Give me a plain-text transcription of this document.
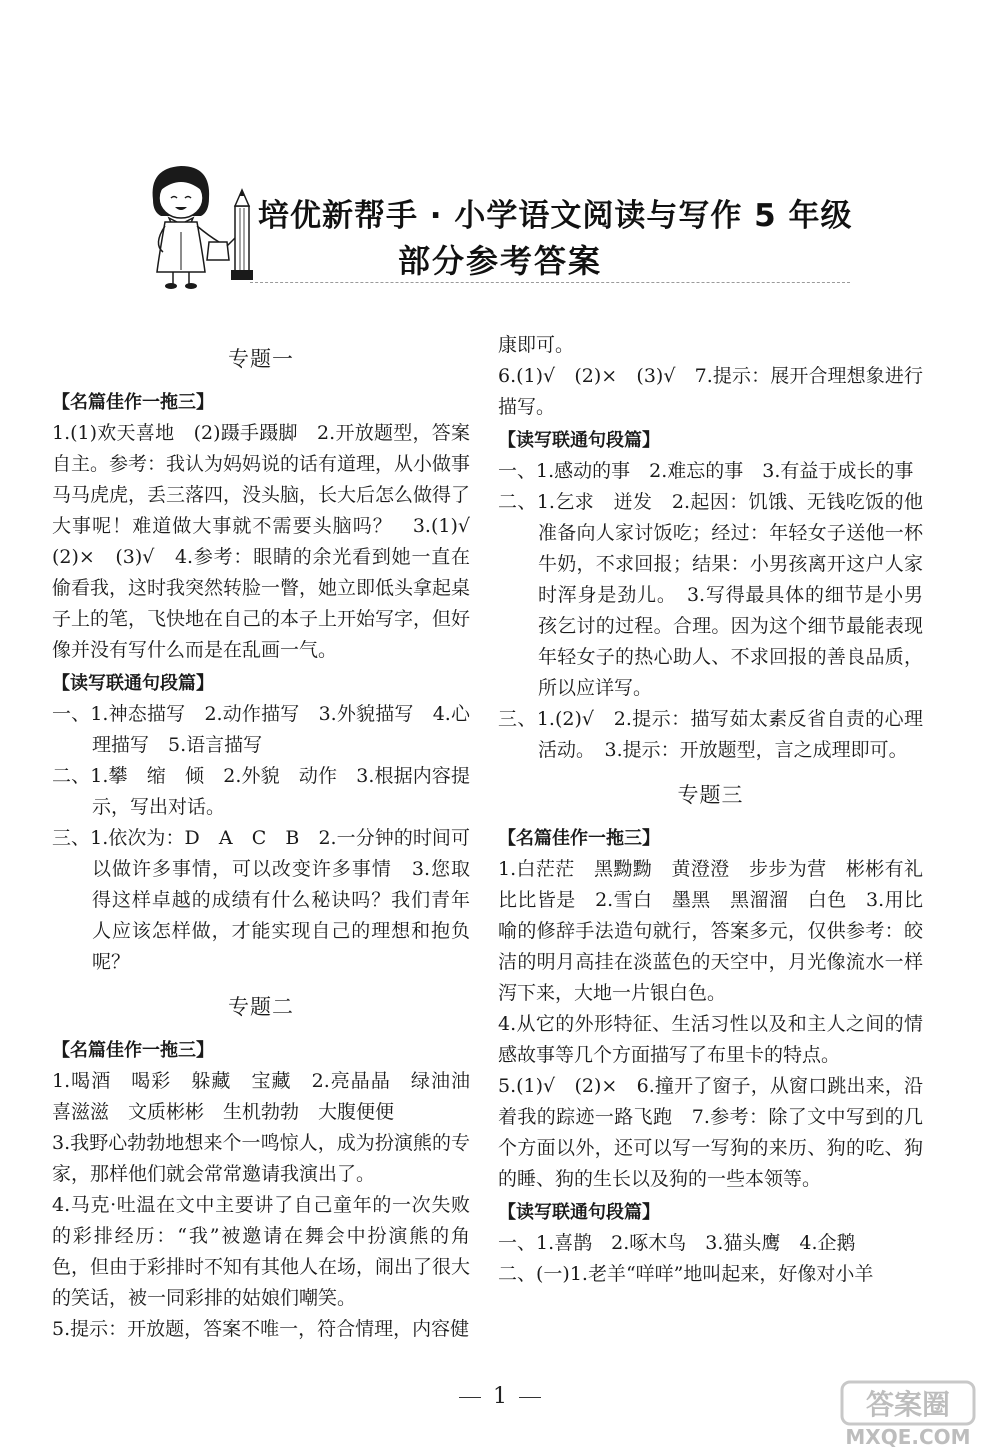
培优新帮手 · 小学语文阅读与写作 5 年级
部分参考答案
专题一
【名篇佳作一拖三】
1.(1)欢天喜地　(2)蹑手蹑脚　2.开放题型，答案自主。参考：我认为妈妈说的话有道理，从小做事马马虎虎，丢三落四，没头脑，长大后怎么做得了大事呢！难道做大事就不需要头脑吗？　3.(1)√　(2)×　(3)√　4.参考：眼睛的余光看到她一直在偷看我，这时我突然转脸一瞥，她立即低头拿起桌子上的笔，飞快地在自己的本子上开始写字，但好像并没有写什么而是在乱画一气。
【读写联通句段篇】
一、1.神态描写　2.动作描写　3.外貌描写　4.心理描写　5.语言描写
二、1.攀　缩　倾　2.外貌　动作　3.根据内容提示，写出对话。
三、1.依次为：D　A　C　B　2.一分钟的时间可以做许多事情，可以改变许多事情　3.您取得这样卓越的成绩有什么秘诀吗？我们青年人应该怎样做，才能实现自己的理想和抱负呢？
专题二
【名篇佳作一拖三】
1.喝酒　喝彩　躲藏　宝藏　2.亮晶晶　绿油油　喜滋滋　文质彬彬　生机勃勃　大腹便便
3.我野心勃勃地想来个一鸣惊人，成为扮演熊的专家，那样他们就会常常邀请我演出了。
4.马克·吐温在文中主要讲了自己童年的一次失败的彩排经历：“我”被邀请在舞会中扮演熊的角色，但由于彩排时不知有其他人在场，闹出了很大的笑话，被一同彩排的姑娘们嘲笑。
5.提示：开放题，答案不唯一，符合情理，内容健
康即可。
6.(1)√　(2)×　(3)√　7.提示：展开合理想象进行描写。
【读写联通句段篇】
一、1.感动的事　2.难忘的事　3.有益于成长的事
二、1.乞求　迸发　2.起因：饥饿、无钱吃饭的他准备向人家讨饭吃；经过：年轻女子送他一杯牛奶，不求回报；结果：小男孩离开这户人家时浑身是劲儿。　3.写得最具体的细节是小男孩乞讨的过程。合理。因为这个细节最能表现年轻女子的热心助人、不求回报的善良品质，所以应详写。
三、1.(2)√　2.提示：描写茹太素反省自责的心理活动。　3.提示：开放题型，言之成理即可。
专题三
【名篇佳作一拖三】
1.白茫茫　黑黝黝　黄澄澄　步步为营　彬彬有礼　比比皆是　2.雪白　墨黑　黑溜溜　白色　3.用比喻的修辞手法造句就行，答案多元，仅供参考：皎洁的明月高挂在淡蓝色的天空中，月光像流水一样泻下来，大地一片银白色。
4.从它的外形特征、生活习性以及和主人之间的情感故事等几个方面描写了布里卡的特点。
5.(1)√　(2)×　6.撞开了窗子，从窗口跳出来，沿着我的踪迹一路飞跑　7.参考：除了文中写到的几个方面以外，还可以写一写狗的来历、狗的吃、狗的睡、狗的生长以及狗的一些本领等。
【读写联通句段篇】
一、1.喜鹊　2.啄木鸟　3.猫头鹰　4.企鹅
二、(一)1.老羊“咩咩”地叫起来，好像对小羊
1	答案圈
MXQE.COM
